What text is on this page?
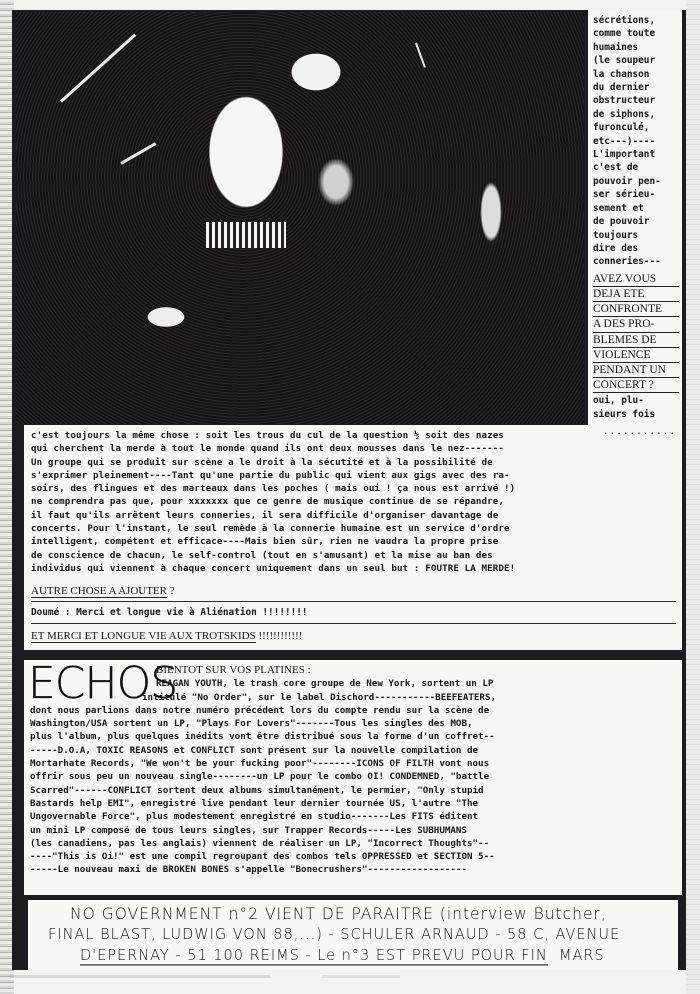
sécrétions,
comme toute
humaines
(le soupeur
la chanson
du dernier
obstructeur
de siphons,
furonculé,
etc---)----
L'important
c'est de
pouvoir pen-
ser sérieu-
sement et
de pouvoir
toujours
dire des
conneries---
AVEZ VOUS
DEJA ETE
CONFRONTE
A DES PRO-
BLEMES DE
VIOLENCE
PENDANT UN
CONCERT ?
oui, plu-
sieurs fois
...........
c'est toujours la même chose : soit les trous du cul de la question ½ soit des nazes
qui cherchent la merde à tout le monde quand ils ont deux mousses dans le nez-------
Un groupe qui se produit sur scène a le droit à la sécutité et à la possibilité de
s'exprimer pleinement----Tant qu'une partie du public qui vient aux gigs avec des ra-
soirs, des flingues et des marteaux dans les poches ( mais oui ! ça nous est arrivé !)
ne comprendra pas que, pour xxxxxxx que ce genre de musique continue de se répandre,
il faut qu'ils arrêtent leurs conneries, il sera difficile d'organiser davantage de
concerts. Pour l'instant, le seul remède à la connerie humaine est un service d'ordre
intelligent, compétent et efficace----Mais bien sûr, rien ne vaudra la propre prise
de conscience de chacun, le self-control (tout en s'amusant) et la mise au ban des
individus qui viennent à chaque concert uniquement dans un seul but : FOUTRE LA MERDE!
AUTRE CHOSE A AJOUTER ?
Doumé : Merci et longue vie à Aliénation !!!!!!!!
ET MERCI ET LONGUE VIE AUX TROTSKIDS !!!!!!!!!!!!
ECHOS
BIENTOT SUR VOS PLATINES :
REAGAN YOUTH, le trash core groupe de New York, sortent un LP
intitulé "No Order", sur le label Dischord-----------BEEFEATERS,
dont nous parlions dans notre numéro précédent lors du compte rendu sur la scène de
Washington/USA sortent un LP, "Plays For Lovers"-------Tous les singles des MOB,
plus l'album, plus quelques inédits vont être distribué sous la forme d'un coffret--
-----D.O.A, TOXIC REASONS et CONFLICT sont présent sur la nouvelle compilation de
Mortarhate Records, "We won't be your fucking poor"--------ICONS OF FILTH vont nous
offrir sous peu un nouveau single--------un LP pour le combo OI! CONDEMNED, "battle
Scarred"------CONFLICT sortent deux albums simultanément, le permier, "Only stupid
Bastards help EMI", enregistré live pendant leur dernier tournée US, l'autre "The
Ungovernable Force", plus modestement enregistré en studio-------Les FITS éditent
un mini LP composé de tous leurs singles, sur Trapper Records-----Les SUBHUMANS
(les canadiens, pas les anglais) viennent de réaliser un LP, "Incorrect Thoughts"--
----"This is Oi!" est une compil regroupant des combos tels OPPRESSED et SECTION 5--
-----Le nouveau maxi de BROKEN BONES s'appelle "Bonecrushers"------------------
NO GOVERNMENT n°2 VIENT DE PARAITRE (interview Butcher,
FINAL BLAST, LUDWIG VON 88,...) - SCHULER ARNAUD - 58 C, AVENUE
D'EPERNAY - 51 100 REIMS - Le n°3 EST PREVU POUR FIN  MARS
